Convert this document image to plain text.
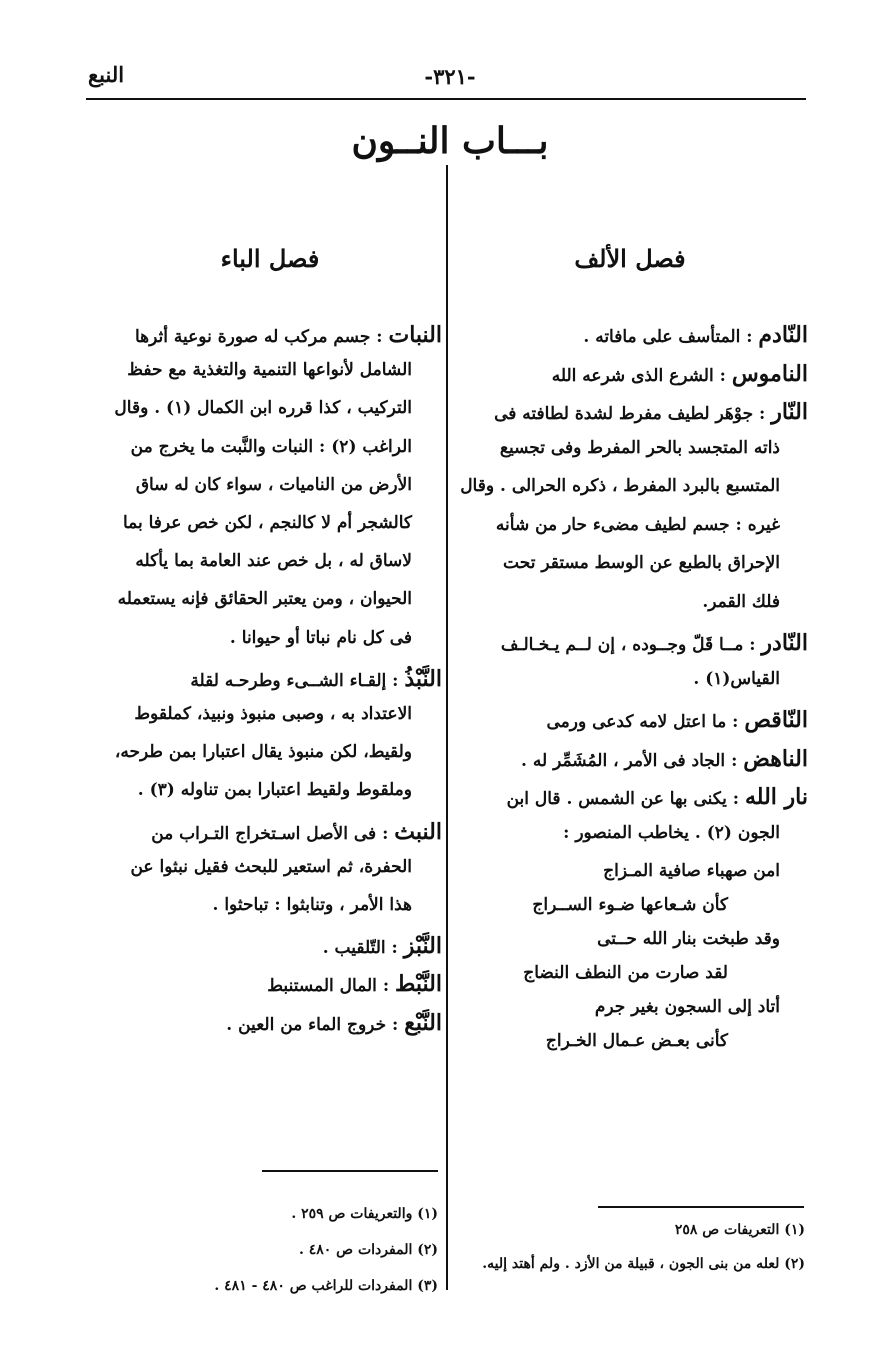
النبع	-٣٢١-
بـــاب النــون
فصل الألف
فصل الباء
النّادم : المتأسف على مافاته .
الناموس : الشرع الذى شرعه الله
النّار : جوْهَر لطيف مفرط لشدة لطافته فى
ذاته المتجسد بالحر المفرط وفى تجسيع
المتسبع بالبرد المفرط ، ذكره الحرالى . وقال
غيره : جسم لطيف مضىء حار من شأنه
الإحراق بالطبع عن الوسط مستقر تحت
فلك القمر.
النّادر : مــا قَلّ وجــوده ، إن لــم يـخـالـف
القياس(١) .
النّاقص : ما اعتل لامه كدعى ورمى
الناهض : الجاد فى الأمر ، المُشَمِّر له .
نار الله : يكنى بها عن الشمس . قال ابن
الجون (٢) . يخاطب المنصور :
امن صهباء صافية المـزاج
كأن شـعاعها ضـوء الســراج
وقد طبخت بنار الله حــتى
لقد صارت من النطف النضاج
أتاد إلى السجون بغير جرم
كأنى بعـض عـمال الخـراج
النبات : جسم مركب له صورة نوعية أثرها
الشامل لأنواعها التنمية والتغذية مع حفظ
التركيب ، كذا قرره ابن الكمال (١) . وقال
الراغب (٢) : النبات والنَّبت ما يخرج من
الأرض من الناميات ، سواء كان له ساق
كالشجر أم لا كالنجم ، لكن خص عرفا بما
لاساق له ، بل خص عند العامة بما يأكله
الحيوان ، ومن يعتبر الحقائق فإنه يستعمله
فى كل نام نباتا أو حيوانا .
النَّبْذُ : إلقـاء الشــىء وطرحـه لقلة
الاعتداد به ، وصبى منبوذ ونبيذ، كملقوط
ولقيط، لكن منبوذ يقال اعتبارا بمن طرحه،
وملقوط ولقيط اعتبارا بمن تناوله (٣) .
النبث : فى الأصل اسـتخراج التـراب من
الحفرة، ثم استعير للبحث فقيل نبثوا عن
هذا الأمر ، وتنابثوا : تباحثوا .
النَّبْز : التّلقيب .
النَّبْط : المال المستنبط
النَّبْع : خروج الماء من العين .
(١) التعريفات ص ٢٥٨
(٢) لعله من بنى الجون ، قبيلة من الأزد . ولم أهتد إليه.
(١) والتعريفات ص ٢٥٩ .
(٢) المفردات ص ٤٨٠ .
(٣) المفردات للراغب ص ٤٨٠ - ٤٨١ .
